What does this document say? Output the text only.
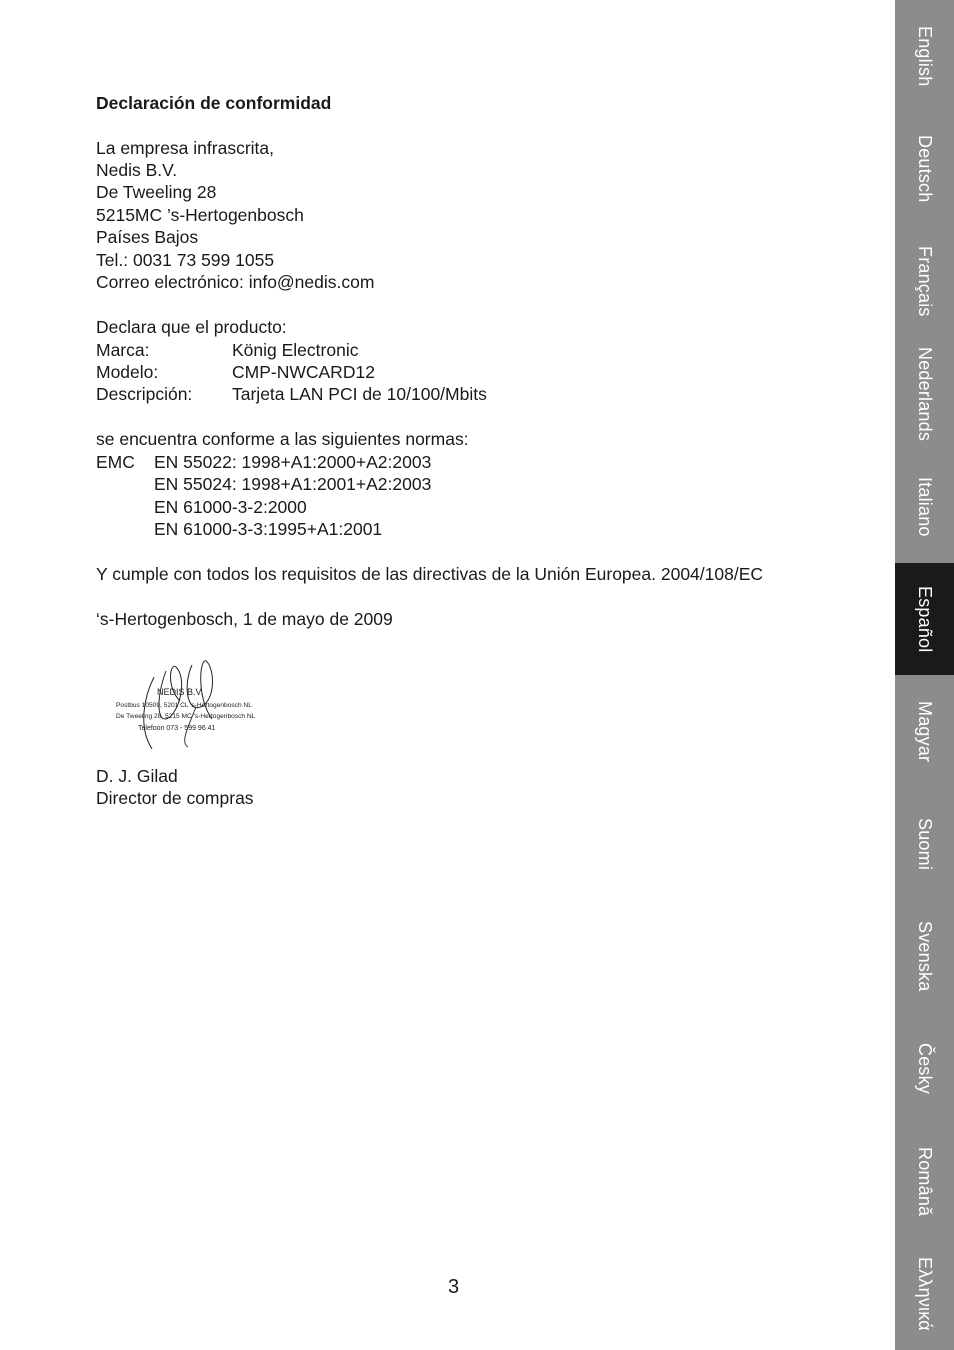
Declaración de conformidad
La empresa infrascrita,
Nedis B.V.
De Tweeling 28
5215MC ’s-Hertogenbosch
Países Bajos
Tel.: 0031 73 599 1055
Correo electrónico: info@nedis.com
Declara que el producto:
Marca:	König Electronic
Modelo:	CMP-NWCARD12
Descripción: Tarjeta LAN PCI de 10/100/Mbits
se encuentra conforme a las siguientes normas:
EMC EN 55022: 1998+A1:2000+A2:2003
EN 55024: 1998+A1:2001+A2:2003
EN 61000-3-2:2000
EN 61000-3-3:1995+A1:2001
Y cumple con todos los requisitos de las directivas de la Unión Europea. 2004/108/EC
‘s-Hertogenbosch, 1 de mayo de 2009
D. J. Gilad
Director de compras
NEDIS B.V.
Postbus 10509, 5201 CL 's-Hertogenbosch NL
De Tweeling 28, 5215 MC 's-Hertogenbosch NL
Telefoon 073 - 599 96 41
3
English
Deutsch
Français
Nederlands
Italiano
Español
Magyar
Suomi
Svenska
Česky
Română
Ελληνικά
